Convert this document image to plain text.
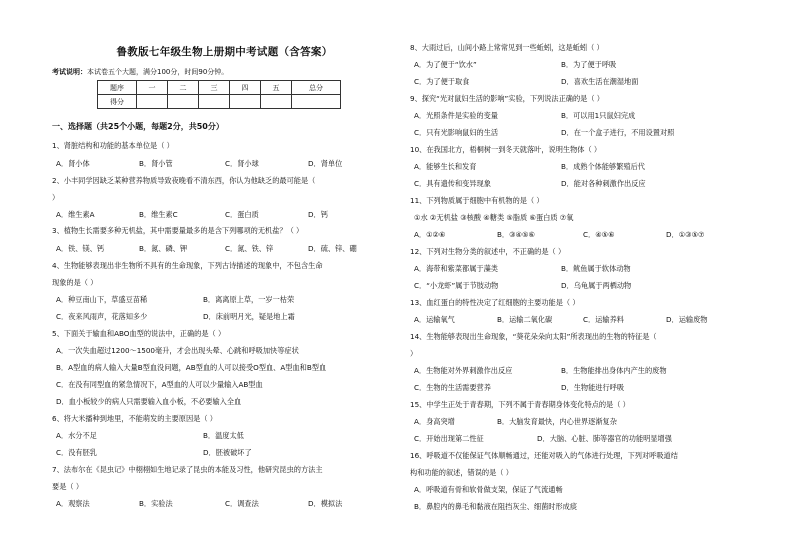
鲁教版七年级生物上册期中考试题（含答案）
考试说明：本试卷五个大题，满分100分，时间90分钟。
题序	一	二	三	四	五	总分
得分						
一、选择题（共25个小题，每题2分，共50分）
1、肾脏结构和功能的基本单位是（ ）
A．肾小体	B．肾小管	C．肾小球	D．肾单位
2、小丰同学因缺乏某种营养物质导致夜晚看不清东西，你认为他缺乏的最可能是（
）
A．维生素A	B．维生素C	C．蛋白质	D．钙
3、植物生长需要多种无机盐，其中需要量最多的是含下列哪项的无机盐？（ ）
A．铁、镁、钙	B．氮、磷、钾	C．氮、铁、锌	D．硫、锌、硼
4、生物能够表现出非生物所不具有的生命现象，下列古诗描述的现象中，不包含生命
现象的是（ ）
A．种豆南山下，草盛豆苗稀	B．离离原上草，一岁一枯荣
C．夜来风雨声，花落知多少	D．床前明月光，疑是地上霜
5、下面关于输血和ABO血型的说法中，正确的是（ ）
A．一次失血超过1200～1500毫升，才会出现头晕、心跳和呼吸加快等症状
B．A型血的病人输入大量B型血没问题，AB型血的人可以接受O型血、A型血和B型血
C．在没有同型血的紧急情况下，A型血的人可以少量输入AB型血
D．血小板较少的病人只需要输入血小板，不必要输入全血
6、将大米播种到地里，不能萌发的主要原因是（ ）
A．水分不足	B．温度太低
C．没有胚乳	D．胚被破坏了
7、法布尔在《昆虫记》中栩栩如生地记录了昆虫的本能及习性，他研究昆虫的方法主
要是（ ）
A．观察法	B．实验法	C．调查法	D．模拟法
8、大雨过后，山间小路上常常见到一些蚯蚓，这是蚯蚓（ ）
A．为了便于“饮水”	B．为了便于呼吸
C．为了便于取食	D．喜欢生活在潮湿地面
9、探究“光对鼠妇生活的影响”实验，下列说法正确的是（ ）
A．光照条件是实验的变量	B．可以用1只鼠妇完成
C．只有光影响鼠妇的生活	D．在一个盒子进行，不用设置对照
10、在我国北方，梧桐树一到冬天就落叶，说明生物体（ ）
A．能够生长和发育	B．成熟个体能够繁殖后代
C．具有遗传和变异现象	D．能对各种刺激作出反应
11、下列物质属于细胞中有机物的是（ ）
①水 ②无机盐 ③核酸 ④糖类 ⑤脂质 ⑥蛋白质 ⑦氧
A．①②⑥	B．③④⑤⑥	C．④⑤⑥	D．①③⑤⑦
12、下列对生物分类的叙述中，不正确的是（ ）
A．海带和紫菜都属于藻类	B．鱿鱼属于软体动物
C．“小龙虾”属于节肢动物	D．乌龟属于两栖动物
13、血红蛋白的特性决定了红细胞的主要功能是（ ）
A．运输氧气	B．运输二氧化碳	C．运输养料	D．运输废物
14、生物能够表现出生命现象，“葵花朵朵向太阳”所表现出的生物的特征是（
）
A．生物能对外界刺激作出反应	B．生物能排出身体内产生的废物
C．生物的生活需要营养	D．生物能进行呼吸
15、中学生正处于青春期，下列不属于青春期身体变化特点的是（ ）
A．身高突增	B．大脑发育最快，内心世界逐渐复杂
C．开始出现第二性征	D．大脑、心脏、肺等器官的功能明显增强
16、呼吸道不仅能保证气体顺畅通过，还能对吸入的气体进行处理，下列对呼吸道结
构和功能的叙述，错误的是（ ）
A．呼吸道有骨和软骨做支架，保证了气流通畅
B．鼻腔内的鼻毛和黏液在阻挡灰尘、细菌时形成痰
